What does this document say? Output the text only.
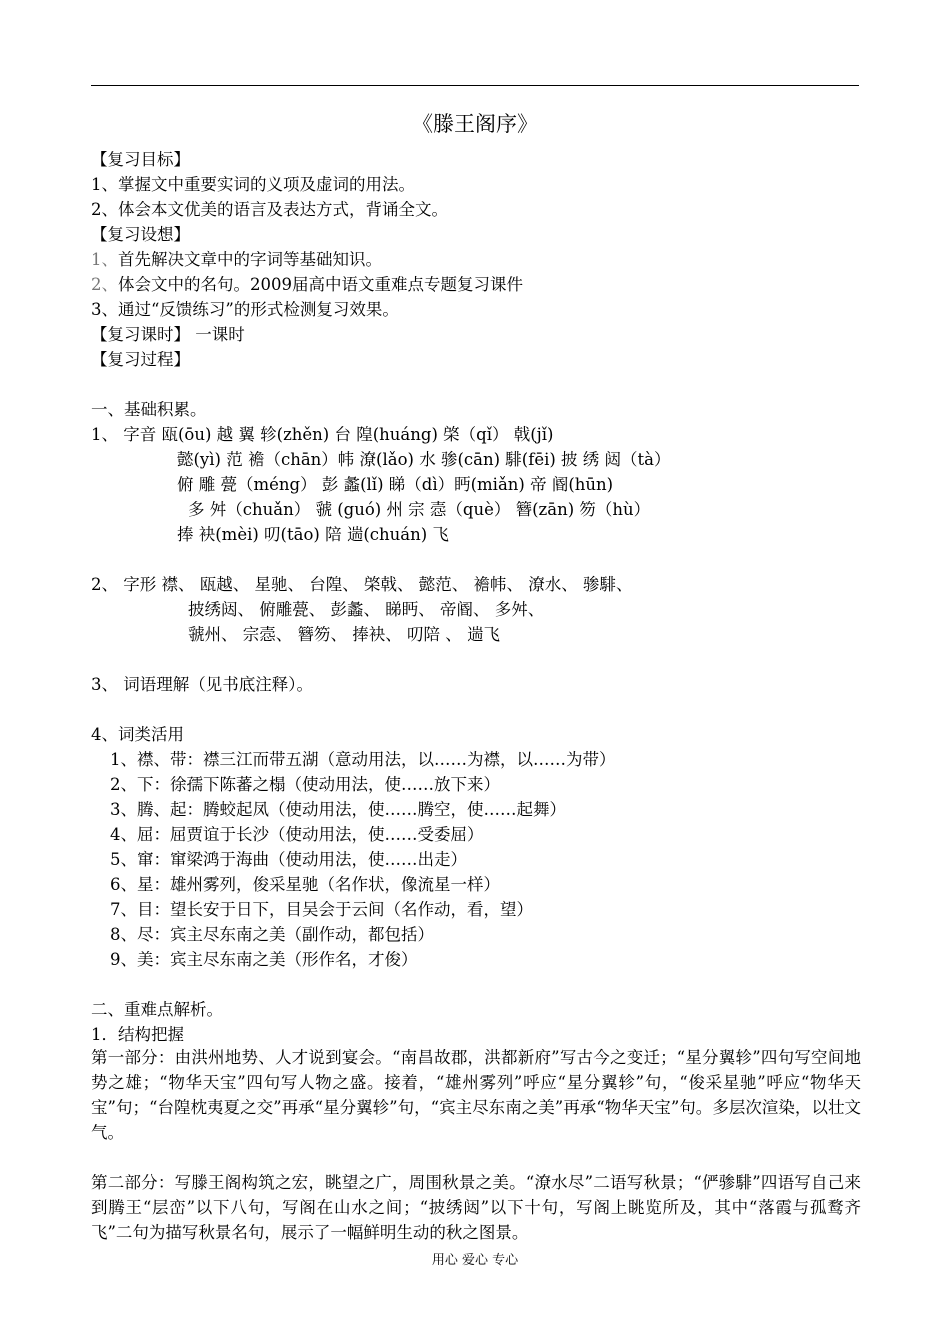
《滕王阁序》
【复习目标】
1、掌握文中重要实词的义项及虚词的用法。
2、体会本文优美的语言及表达方式，背诵全文。
【复习设想】
1、首先解决文章中的字词等基础知识。
2、体会文中的名句。2009届高中语文重难点专题复习课件
3、通过“反馈练习”的形式检测复习效果。
【复习课时】 一课时
【复习过程】
一、基础积累。
1、 字音 瓯(ōu) 越 翼 轸(zhěn) 台 隍(huáng) 棨（qǐ） 戟(jǐ)
懿(yì) 范 襜（chān）帏 潦(lǎo) 水 骖(cān) 騑(fēi) 披 绣 闼（tà）
俯 雕 甍（méng） 彭 蠡(lǐ) 睇（dì）眄(miǎn) 帝 阍(hūn)
多 舛（chuǎn） 虢 (guó) 州 宗 悫（què） 簪(zān) 笏（hù）
捧 袂(mèi) 叨(tāo) 陪 遄(chuán) 飞
2、 字形 襟、 瓯越、 星驰、 台隍、 棨戟、 懿范、 襜帏、 潦水、 骖騑、
披绣闼、 俯雕甍、 彭蠡、 睇眄、 帝阍、 多舛、
虢州、 宗悫、 簪笏、 捧袂、 叨陪 、 遄飞
3、 词语理解（见书底注释）。
4、词类活用
1、襟、带：襟三江而带五湖（意动用法，以……为襟，以……为带）
2、下：徐孺下陈蕃之榻（使动用法，使……放下来）
3、腾、起：腾蛟起凤（使动用法，使……腾空，使……起舞）
4、屈：屈贾谊于长沙（使动用法，使……受委屈）
5、窜：窜梁鸿于海曲（使动用法，使……出走）
6、星：雄州雾列，俊采星驰（名作状，像流星一样）
7、目：望长安于日下，目吴会于云间（名作动，看，望）
8、尽：宾主尽东南之美（副作动，都包括）
9、美：宾主尽东南之美（形作名，才俊）
二、重难点解析。
1．结构把握
第一部分：由洪州地势、人才说到宴会。“南昌故郡，洪都新府”写古今之变迁；“星分翼轸”四句写空间地势之雄；“物华天宝”四句写人物之盛。接着，“雄州雾列”呼应“星分翼轸”句，“俊采星驰”呼应“物华天宝”句；“台隍枕夷夏之交”再承“星分翼轸”句，“宾主尽东南之美”再承“物华天宝”句。多层次渲染，以壮文气。
第二部分：写滕王阁构筑之宏，眺望之广，周围秋景之美。“潦水尽”二语写秋景；“俨骖騑”四语写自己来到腾王“层峦”以下八句，写阁在山水之间；“披绣闼”以下十句，写阁上眺览所及，其中“落霞与孤鹜齐飞”二句为描写秋景名句，展示了一幅鲜明生动的秋之图景。
用心 爱心 专心
